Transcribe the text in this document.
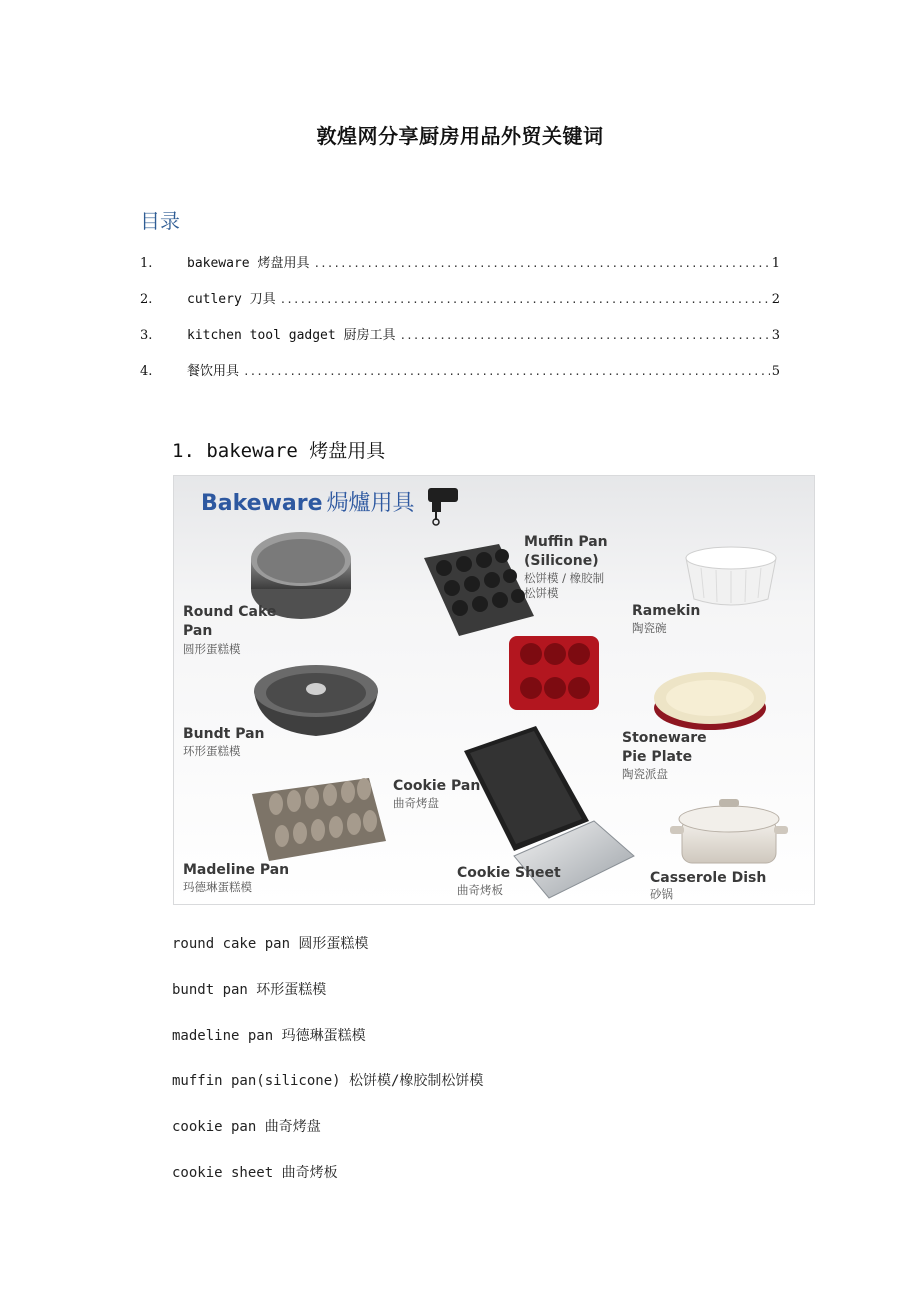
敦煌网分享厨房用品外贸关键词
目录
1.	bakeware 烤盘用具 .....	1
2.	cutlery 刀具 .....	2
3.	kitchen tool gadget 厨房工具 .....	3
4.	餐饮用具 .....	5
1. bakeware 烤盘用具
Bakeware 焗爐用具
Round Cake
Pan
圆形蛋糕模
Bundt Pan
环形蛋糕模
Madeline Pan
玛德琳蛋糕模
Muffin Pan
(Silicone)
松饼模 / 橡胶制
松饼模
Cookie Pan
曲奇烤盘
Cookie Sheet
曲奇烤板
Ramekin
陶瓷碗
Stoneware
Pie Plate
陶瓷派盘
Casserole Dish
砂锅
round cake pan 圆形蛋糕模
bundt pan 环形蛋糕模
madeline pan 玛德琳蛋糕模
muffin pan(silicone) 松饼模/橡胶制松饼模
cookie pan 曲奇烤盘
cookie sheet 曲奇烤板
